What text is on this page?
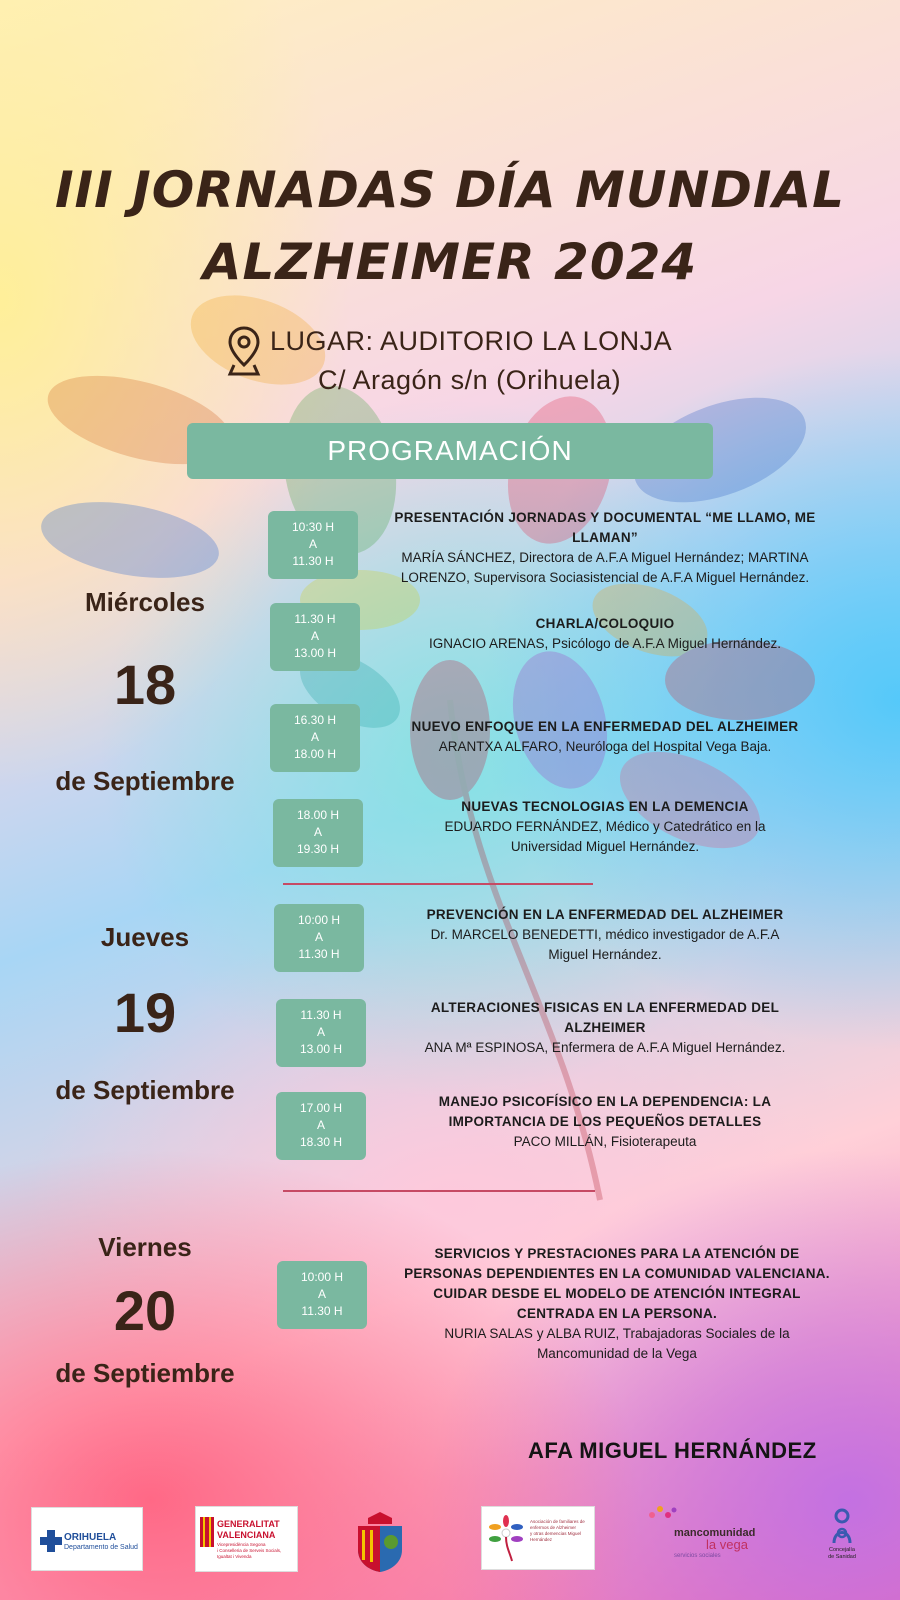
III JORNADAS DÍA MUNDIAL
ALZHEIMER 2024
LUGAR: AUDITORIO LA LONJA
C/ Aragón s/n (Orihuela)
PROGRAMACIÓN
Miércoles
18
de Septiembre
Jueves
19
de Septiembre
Viernes
20
de Septiembre
10:30 H
A
11.30 H
PRESENTACIÓN JORNADAS Y DOCUMENTAL “ME LLAMO, ME
LLAMAN”
MARÍA SÁNCHEZ, Directora de A.F.A Miguel Hernández; MARTINA
LORENZO, Supervisora Sociasistencial de A.F.A Miguel Hernández.
11.30 H
A
13.00 H
CHARLA/COLOQUIO
IGNACIO ARENAS, Psicólogo de A.F.A Miguel Hernández.
16.30 H
A
18.00 H
NUEVO ENFOQUE EN LA ENFERMEDAD DEL ALZHEIMER
ARANTXA ALFARO, Neuróloga del Hospital Vega Baja.
18.00 H
A
19.30 H
NUEVAS TECNOLOGIAS EN LA DEMENCIA
EDUARDO FERNÁNDEZ, Médico y Catedrático en la
Universidad Miguel Hernández.
10:00 H
A
11.30 H
PREVENCIÓN EN LA ENFERMEDAD DEL ALZHEIMER
Dr. MARCELO BENEDETTI, médico investigador de A.F.A
Miguel Hernández.
11.30 H
A
13.00 H
ALTERACIONES FISICAS EN LA ENFERMEDAD DEL
ALZHEIMER
ANA Mª ESPINOSA, Enfermera de A.F.A Miguel Hernández.
17.00 H
A
18.30 H
MANEJO PSICOFÍSICO EN LA DEPENDENCIA: LA
IMPORTANCIA DE LOS PEQUEÑOS DETALLES
PACO MILLÁN, Fisioterapeuta
10:00 H
A
11.30 H
SERVICIOS Y PRESTACIONES PARA LA ATENCIÓN DE
PERSONAS DEPENDIENTES EN LA COMUNIDAD VALENCIANA.
CUIDAR DESDE EL MODELO DE ATENCIÓN INTEGRAL
CENTRADA EN LA PERSONA.
NURIA SALAS y ALBA RUIZ, Trabajadoras Sociales de la
Mancomunidad de la Vega
AFA MIGUEL HERNÁNDEZ
ORIHUELA
Departamento de Salud
GENERALITAT
VALENCIANA
Vicepresidència Segona
i Conselleria de Serveis Socials,
Igualtat i Vivenda
Asociación de familiares de
enfermos de Alzheimer
y otras demencias Miguel
Hernández
mancomunidad
la vega
servicios sociales
Concejalía
de Sanidad
